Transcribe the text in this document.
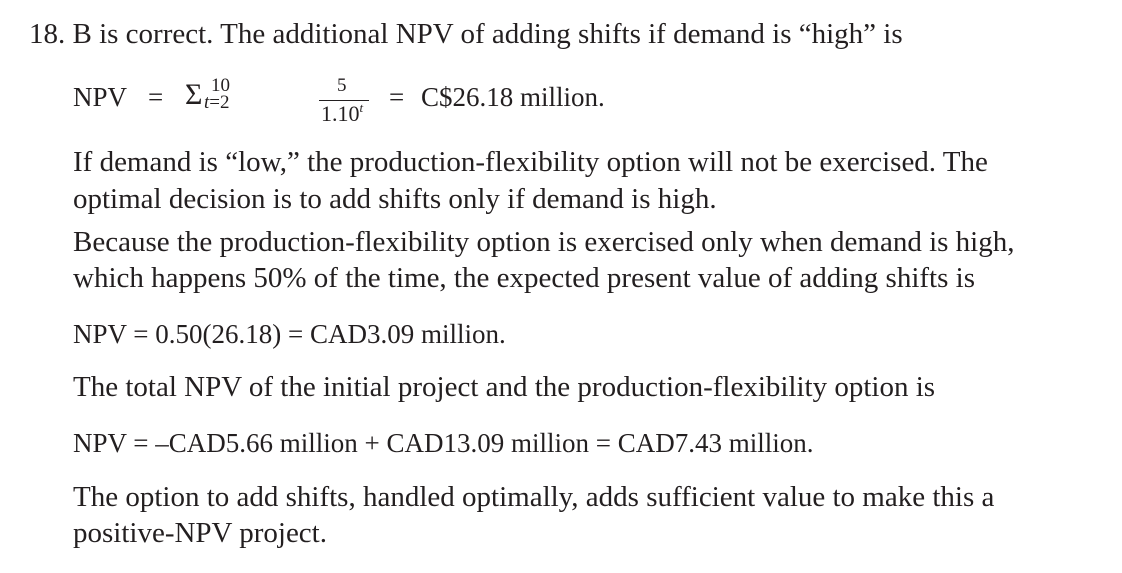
18. B is correct. The additional NPV of adding shifts if demand is “high” is
NPV = Σ 10
t=2
5
$1.10^t$ = C$26.18 million.
If demand is “low,” the production-flexibility option will not be exercised. The
optimal decision is to add shifts only if demand is high.
Because the production-flexibility option is exercised only when demand is high,
which happens 50% of the time, the expected present value of adding shifts is
NPV = 0.50(26.18) = CAD3.09 million.
The total NPV of the initial project and the production-flexibility option is
NPV = –CAD5.66 million + CAD13.09 million = CAD7.43 million.
The option to add shifts, handled optimally, adds sufficient value to make this a
positive-NPV project.
